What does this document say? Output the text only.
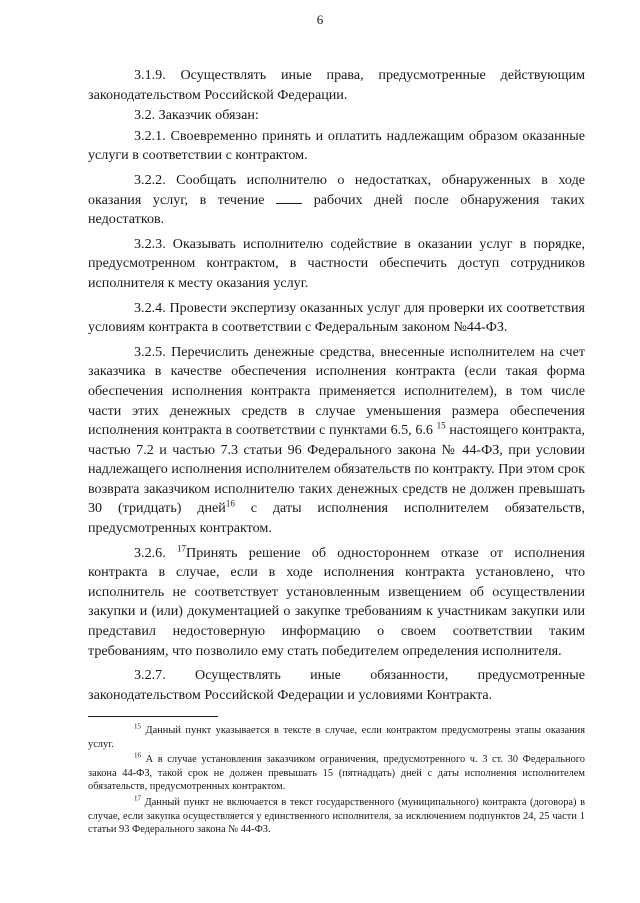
6

3.1.9. Осуществлять иные права, предусмотренные действующим законодательством Российской Федерации.

3.2. Заказчик обязан:

3.2.1. Своевременно принять и оплатить надлежащим образом оказанные услуги в соответствии с контрактом.

3.2.2. Сообщать исполнителю о недостатках, обнаруженных в ходе оказания услуг, в течение	рабочих дней после обнаружения таких недостатков.

3.2.3. Оказывать исполнителю содействие в оказании услуг в порядке, предусмотренном контрактом, в частности обеспечить доступ сотрудников исполнителя к месту оказания услуг.

3.2.4. Провести экспертизу оказанных услуг для проверки их соответствия условиям контракта в соответствии с Федеральным законом №44-ФЗ.

3.2.5. Перечислить денежные средства, внесенные исполнителем на счет заказчика в качестве обеспечения исполнения контракта (если такая форма обеспечения исполнения контракта применяется исполнителем), в том числе части этих денежных средств в случае уменьшения размера обеспечения исполнения контракта в соответствии с пунктами 6.5, 6.6 $^{15}$ настоящего контракта, частью 7.2 и частью 7.3 статьи 96 Федерального закона № 44-ФЗ, при условии надлежащего исполнения исполнителем обязательств по контракту. При этом срок возврата заказчиком исполнителю таких денежных средств не должен превышать 30 (тридцать) дней$^{16}$ с даты исполнения исполнителем обязательств, предусмотренных контрактом.

3.2.6. $^{17}$Принять решение об одностороннем отказе от исполнения контракта в случае, если в ходе исполнения контракта установлено, что исполнитель не соответствует установленным извещением об осуществлении закупки и (или) документацией о закупке требованиям к участникам закупки или представил недостоверную информацию о своем соответствии таким требованиям, что позволило ему стать победителем определения исполнителя.

3.2.7. Осуществлять иные обязанности, предусмотренные законодательством Российской Федерации и условиями Контракта.

$^{15}$ Данный пункт указывается в тексте в случае, если контрактом предусмотрены этапы оказания услуг.

$^{16}$ А в случае установления заказчиком ограничения, предусмотренного ч. 3 ст. 30 Федерального закона 44-ФЗ, такой срок не должен превышать 15 (пятнадцать) дней с даты исполнения исполнителем обязательств, предусмотренных контрактом.

$^{17}$ Данный пункт не включается в текст государственного (муниципального) контракта (договора) в случае, если закупка осуществляется у единственного исполнителя, за исключением подпунктов 24, 25 части 1 статьи 93 Федерального закона № 44-ФЗ.
